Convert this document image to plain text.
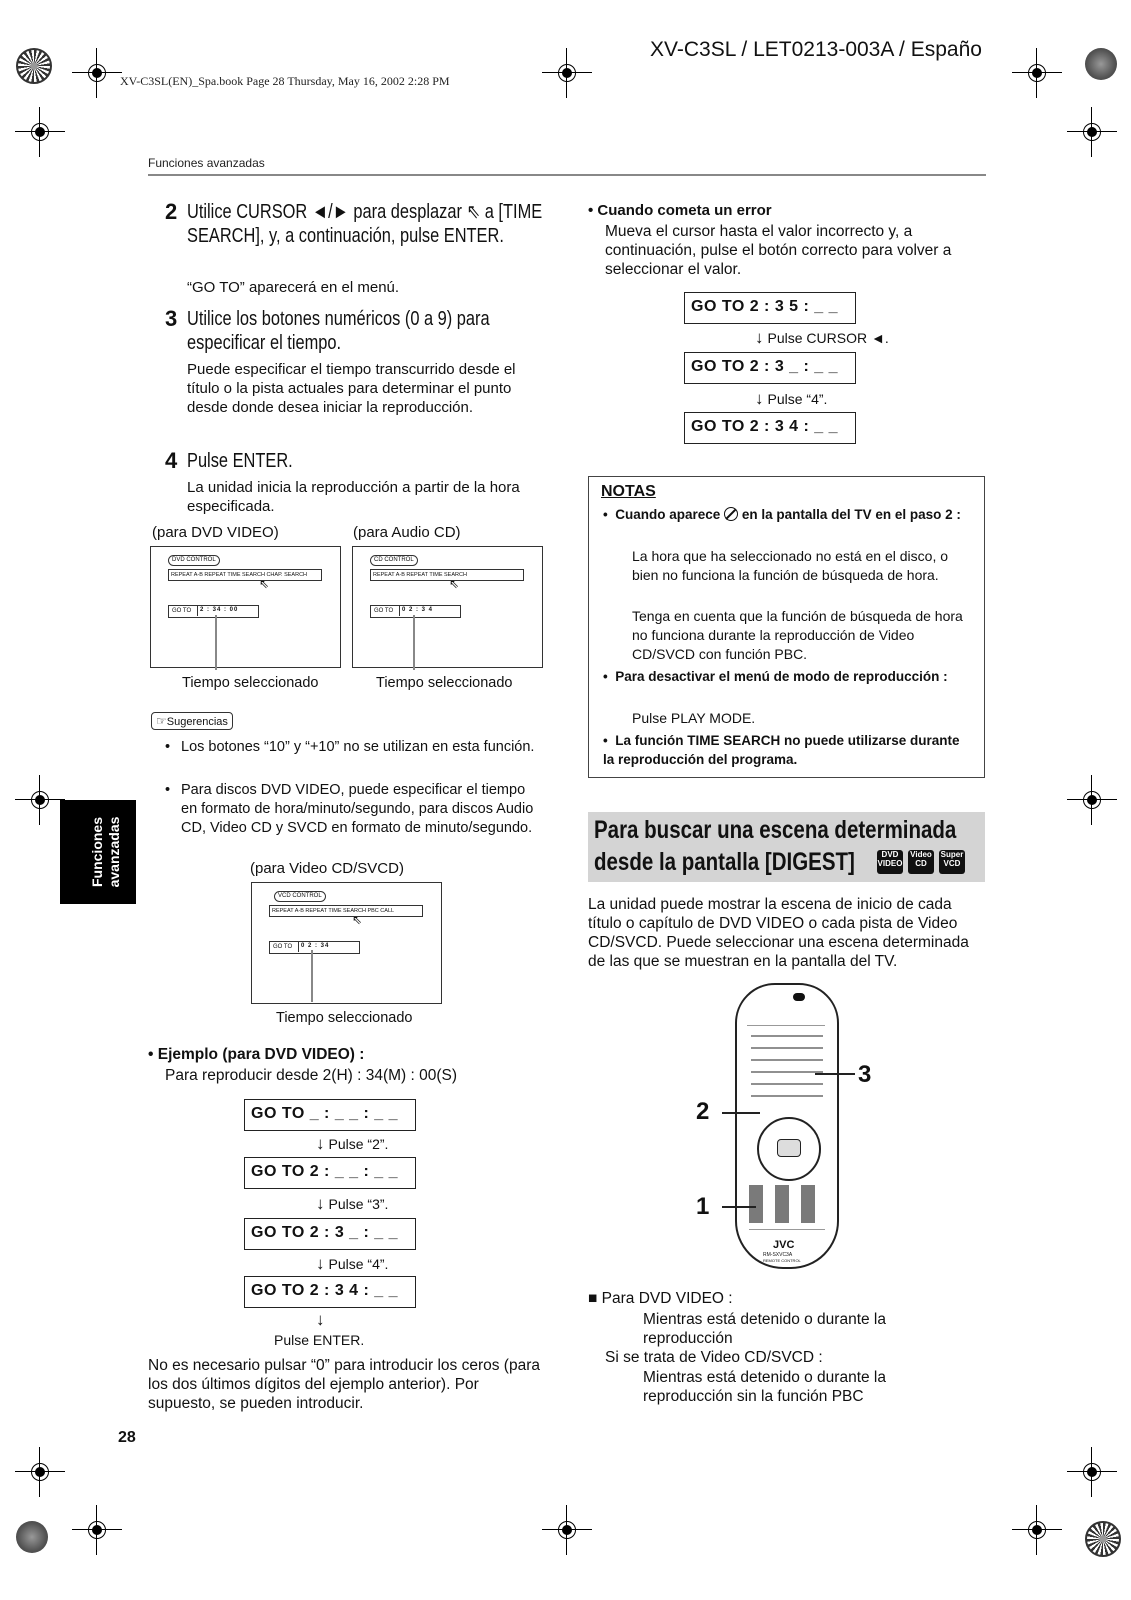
XV-C3SL / LET0213-003A / Españo
XV-C3SL(EN)_Spa.book Page 28 Thursday, May 16, 2002 2:28 PM
Funciones avanzadas
2 Utilice CURSOR ◄/► para desplazar ⇖ a [TIME SEARCH], y, a continuación, pulse ENTER.
“GO TO” aparecerá en el menú.
3 Utilice los botones numéricos (0 a 9) para especificar el tiempo.
Puede especificar el tiempo transcurrido desde el título o la pista actuales para determinar el punto desde donde desea iniciar la reproducción.
4 Pulse ENTER.
La unidad inicia la reproducción a partir de la hora especificada.
(para DVD VIDEO)
DVD CONTROL
REPEAT A-B REPEAT TIME SEARCH CHAP. SEARCH
⇖
GO TO	2 : 34 : 00
Tiempo seleccionado
(para Audio CD)
CD CONTROL
REPEAT A-B REPEAT TIME SEARCH
⇖
GO TO	0 2 : 3 4
Tiempo seleccionado
☞Sugerencias
• Los botones “10” y “+10” no se utilizan en esta función.
• Para discos DVD VIDEO, puede especificar el tiempo en formato de hora/minuto/segundo, para discos Audio CD, Video CD y SVCD en formato de minuto/segundo.
(para Video CD/SVCD)
VCD CONTROL
REPEAT A-B REPEAT TIME SEARCH PBC CALL
⇖
GO TO	0 2 : 34
Tiempo seleccionado
• Ejemplo (para DVD VIDEO) :
Para reproducir desde 2(H) : 34(M) : 00(S)
GO TO _ : _ _ : _ _
↓ Pulse “2”.
GO TO 2 : _ _ : _ _
↓ Pulse “3”.
GO TO 2 : 3 _ : _ _
↓ Pulse “4”.
GO TO 2 : 3 4 : _ _
↓
Pulse ENTER.
No es necesario pulsar “0” para introducir los ceros (para los dos últimos dígitos del ejemplo anterior). Por supuesto, se pueden introducir.
Funciones
avanzadas
28
• Cuando cometa un error
Mueva el cursor hasta el valor incorrecto y, a continuación, pulse el botón correcto para volver a seleccionar el valor.
GO TO 2 : 3 5 : _ _
↓ Pulse CURSOR ◄.
GO TO 2 : 3 _ : _ _
↓ Pulse “4”.
GO TO 2 : 3 4 : _ _
NOTAS
•  Cuando aparece en la pantalla del TV en el paso 2 :
La hora que ha seleccionado no está en el disco, o bien no funciona la función de búsqueda de hora.
Tenga en cuenta que la función de búsqueda de hora no funciona durante la reproducción de Video CD/SVCD con función PBC.
•  Para desactivar el menú de modo de reproducción :
Pulse PLAY MODE.
•  La función TIME SEARCH no puede utilizarse durante la reproducción del programa.
Para buscar una escena determinada
desde la pantalla [DIGEST]	DVD
VIDEO
Video
CD
Super
VCD
La unidad puede mostrar la escena de inicio de cada título o capítulo de DVD VIDEO o cada pista de Video CD/SVCD. Puede seleccionar una escena determinada de las que se muestran en la pantalla del TV.
JVC
RM-SXVC3A
REMOTE CONTROL
3
2
1
■ Para DVD VIDEO :
Mientras está detenido o durante la reproducción
Si se trata de Video CD/SVCD :
Mientras está detenido o durante la reproducción sin la función PBC
